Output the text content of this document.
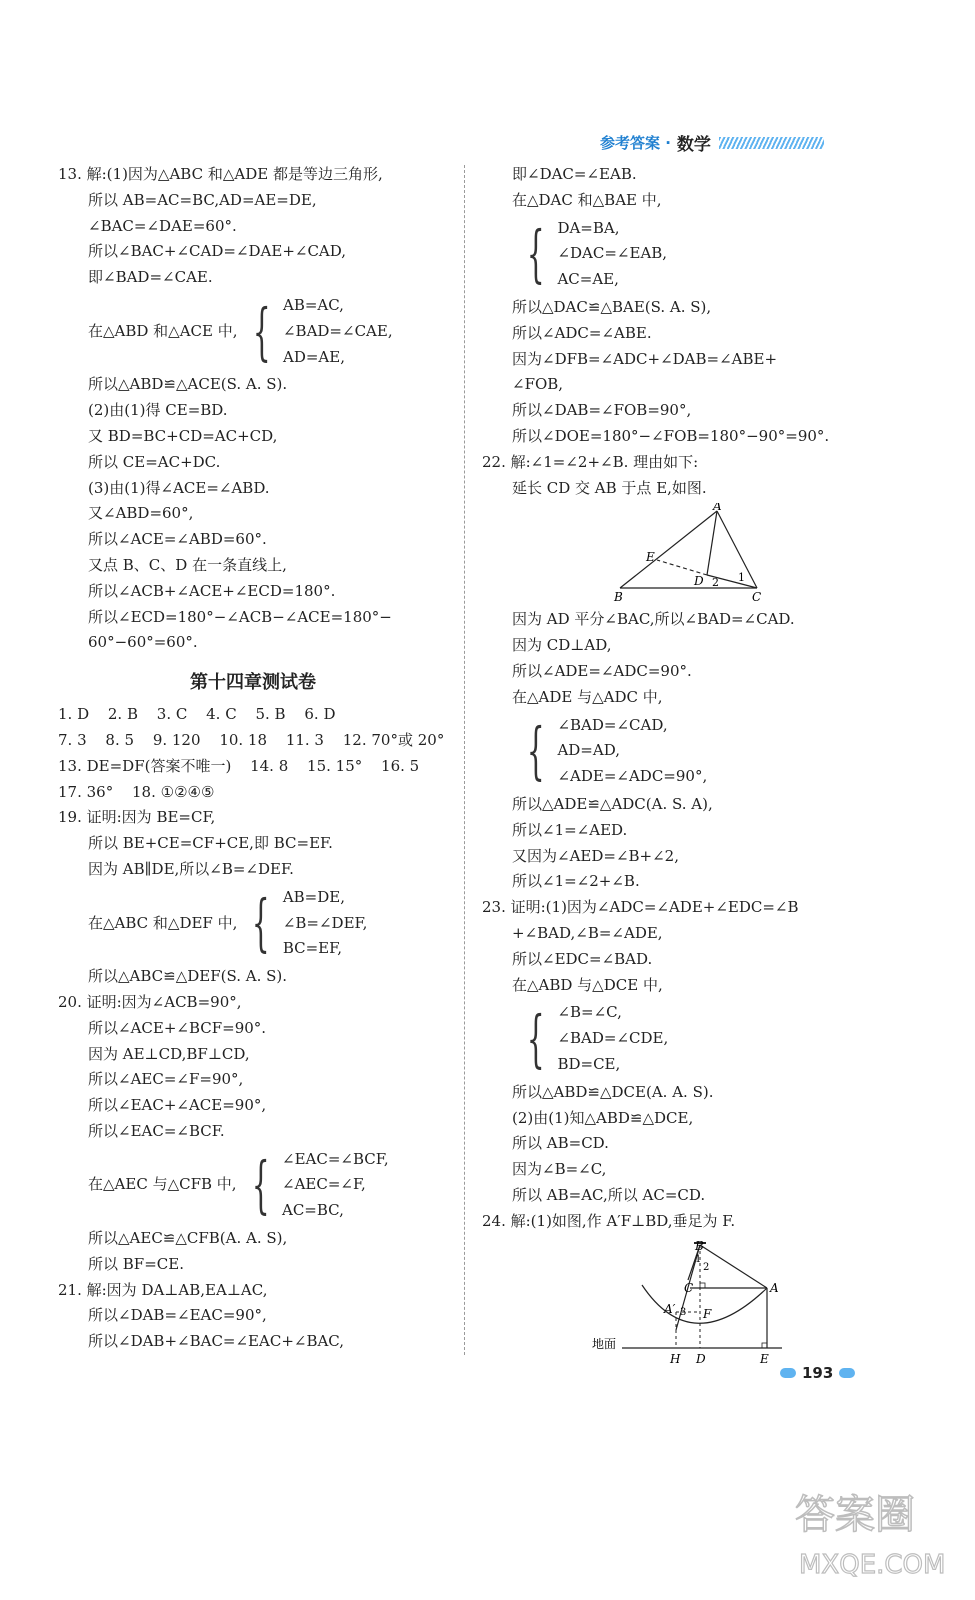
参考答案 · 数学
13. 解:(1)因为△ABC 和△ADE 都是等边三角形,
所以 AB=AC=BC,AD=AE=DE,
∠BAC=∠DAE=60°.
所以∠BAC+∠CAD=∠DAE+∠CAD,
即∠BAD=∠CAE.
在△ABD 和△ACE 中, { AB=AC,
∠BAD=∠CAE,
AD=AE,
所以△ABD≌△ACE(S. A. S).
(2)由(1)得 CE=BD.
又 BD=BC+CD=AC+CD,
所以 CE=AC+DC.
(3)由(1)得∠ACE=∠ABD.
又∠ABD=60°,
所以∠ACE=∠ABD=60°.
又点 B、C、D 在一条直线上,
所以∠ACB+∠ACE+∠ECD=180°.
所以∠ECD=180°−∠ACB−∠ACE=180°−
60°−60°=60°.
第十四章测试卷
1. D 2. B 3. C 4. C 5. B 6. D
7. 3 8. 5 9. 120 10. 18 11. 3 12. 70°或 20°
13. DE=DF(答案不唯一) 14. 8 15. 15° 16. 5
17. 36° 18. ①②④⑤
19. 证明:因为 BE=CF,
所以 BE+CE=CF+CE,即 BC=EF.
因为 AB∥DE,所以∠B=∠DEF.
在△ABC 和△DEF 中, { AB=DE,
∠B=∠DEF,
BC=EF,
所以△ABC≌△DEF(S. A. S).
20. 证明:因为∠ACB=90°,
所以∠ACE+∠BCF=90°.
因为 AE⊥CD,BF⊥CD,
所以∠AEC=∠F=90°,
所以∠EAC+∠ACE=90°,
所以∠EAC=∠BCF.
在△AEC 与△CFB 中, { ∠EAC=∠BCF,
∠AEC=∠F,
AC=BC,
所以△AEC≌△CFB(A. A. S),
所以 BF=CE.
21. 解:因为 DA⊥AB,EA⊥AC,
所以∠DAB=∠EAC=90°,
所以∠DAB+∠BAC=∠EAC+∠BAC,
即∠DAC=∠EAB.
在△DAC 和△BAE 中,
{ DA=BA,
∠DAC=∠EAB,
AC=AE,
所以△DAC≌△BAE(S. A. S),
所以∠ADC=∠ABE.
因为∠DFB=∠ADC+∠DAB=∠ABE+
∠FOB,
所以∠DAB=∠FOB=90°,
所以∠DOE=180°−∠FOB=180°−90°=90°.
22. 解:∠1=∠2+∠B. 理由如下:
延长 CD 交 AB 于点 E,如图.
A
E
D 2 1
B	C
因为 AD 平分∠BAC,所以∠BAD=∠CAD.
因为 CD⊥AD,
所以∠ADE=∠ADC=90°.
在△ADE 与△ADC 中,
{ ∠BAD=∠CAD,
AD=AD,
∠ADE=∠ADC=90°,
所以△ADE≌△ADC(A. S. A),
所以∠1=∠AED.
又因为∠AED=∠B+∠2,
所以∠1=∠2+∠B.
23. 证明:(1)因为∠ADC=∠ADE+∠EDC=∠B
+∠BAD,∠B=∠ADE,
所以∠EDC=∠BAD.
在△ABD 与△DCE 中,
{ ∠B=∠C,
∠BAD=∠CDE,
BD=CE,
所以△ABD≌△DCE(A. A. S).
(2)由(1)知△ABD≌△DCE,
所以 AB=CD.
因为∠B=∠C,
所以 AB=AC,所以 AC=CD.
24. 解:(1)如图,作 A′F⊥BD,垂足为 F.
B
1
2
C	A
A′ 3 F
地面
H D	E
193
答案圈
MXQE.COM
